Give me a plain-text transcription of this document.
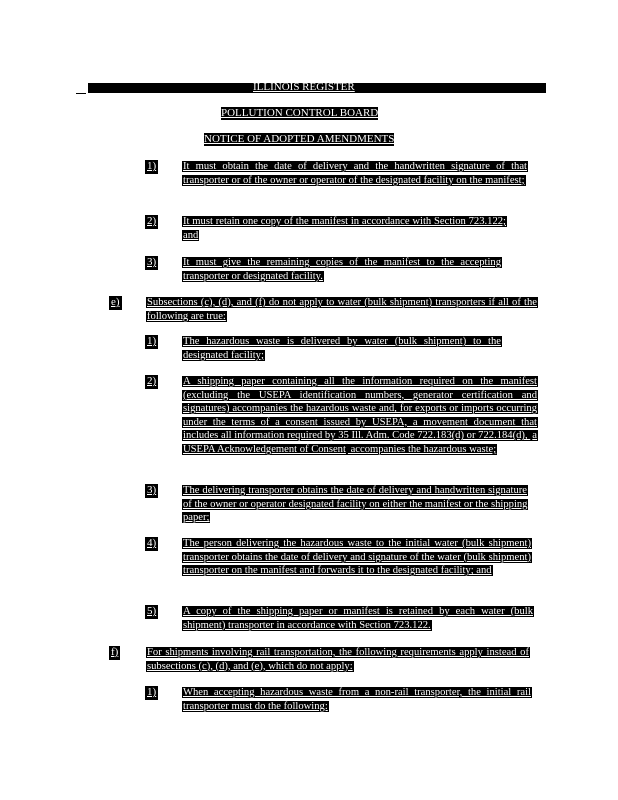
ILLINOIS REGISTER
POLLUTION CONTROL BOARD
NOTICE OF ADOPTED AMENDMENTS
1)	It must obtain the date of delivery and the handwritten signature of that transporter or of the owner or operator of the designated facility on the manifest;

2)	It must retain one copy of the manifest in accordance with Section 723.122; and

3)	It must give the remaining copies of the manifest to the accepting transporter or designated facility.

e)	Subsections (c), (d), and (f) do not apply to water (bulk shipment) transporters if all of the following are true:

1)	The hazardous waste is delivered by water (bulk shipment) to the designated facility;

2)	A shipping paper containing all the information required on the manifest (excluding the USEPA identification numbers, generator certification and signatures) accompanies the hazardous waste and, for exports or imports occurring under the terms of a consent issued by USEPA, a movement document that includes all information required by 35 Ill. Adm. Code 722.183(d) or 722.184(d), a USEPA Acknowledgement of Consent accompanies the hazardous waste;

3)	The delivering transporter obtains the date of delivery and handwritten signature of the owner or operator designated facility on either the manifest or the shipping paper;

4)	The person delivering the hazardous waste to the initial water (bulk shipment) transporter obtains the date of delivery and signature of the water (bulk shipment) transporter on the manifest and forwards it to the designated facility; and

5)	A copy of the shipping paper or manifest is retained by each water (bulk shipment) transporter in accordance with Section 723.122.

f)	For shipments involving rail transportation, the following requirements apply instead of subsections (c), (d), and (e), which do not apply:

1)	When accepting hazardous waste from a non-rail transporter, the initial rail transporter must do the following:
